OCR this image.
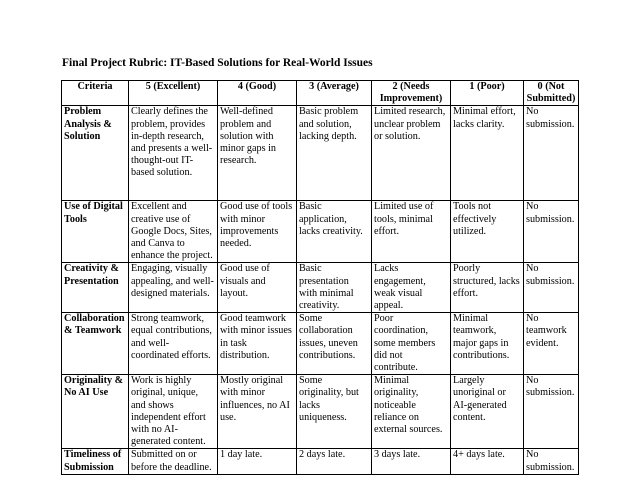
Final Project Rubric: IT-Based Solutions for Real-World Issues
Criteria	5 (Excellent)	4 (Good)	3 (Average)	2 (Needs Improvement)	1 (Poor)	0 (Not Submitted)
Problem Analysis & Solution	Clearly defines the problem, provides in-depth research, and presents a well-thought-out IT-based solution.	Well-defined problem and solution with minor gaps in research.	Basic problem and solution, lacking depth.	Limited research, unclear problem or solution.	Minimal effort, lacks clarity.	No submission.
Use of Digital Tools	Excellent and creative use of Google Docs, Sites, and Canva to enhance the project.	Good use of tools with minor improvements needed.	Basic application, lacks creativity.	Limited use of tools, minimal effort.	Tools not effectively utilized.	No submission.
Creativity & Presentation	Engaging, visually appealing, and well-designed materials.	Good use of visuals and layout.	Basic presentation with minimal creativity.	Lacks engagement, weak visual appeal.	Poorly structured, lacks effort.	No submission.
Collaboration & Teamwork	Strong teamwork, equal contributions, and well-coordinated efforts.	Good teamwork with minor issues in task distribution.	Some collaboration issues, uneven contributions.	Poor coordination, some members did not contribute.	Minimal teamwork, major gaps in contributions.	No teamwork evident.
Originality & No AI Use	Work is highly original, unique, and shows independent effort with no AI-generated content.	Mostly original with minor influences, no AI use.	Some originality, but lacks uniqueness.	Minimal originality, noticeable reliance on external sources.	Largely unoriginal or AI-generated content.	No submission.
Timeliness of Submission	Submitted on or before the deadline.	1 day late.	2 days late.	3 days late.	4+ days late.	No submission.
